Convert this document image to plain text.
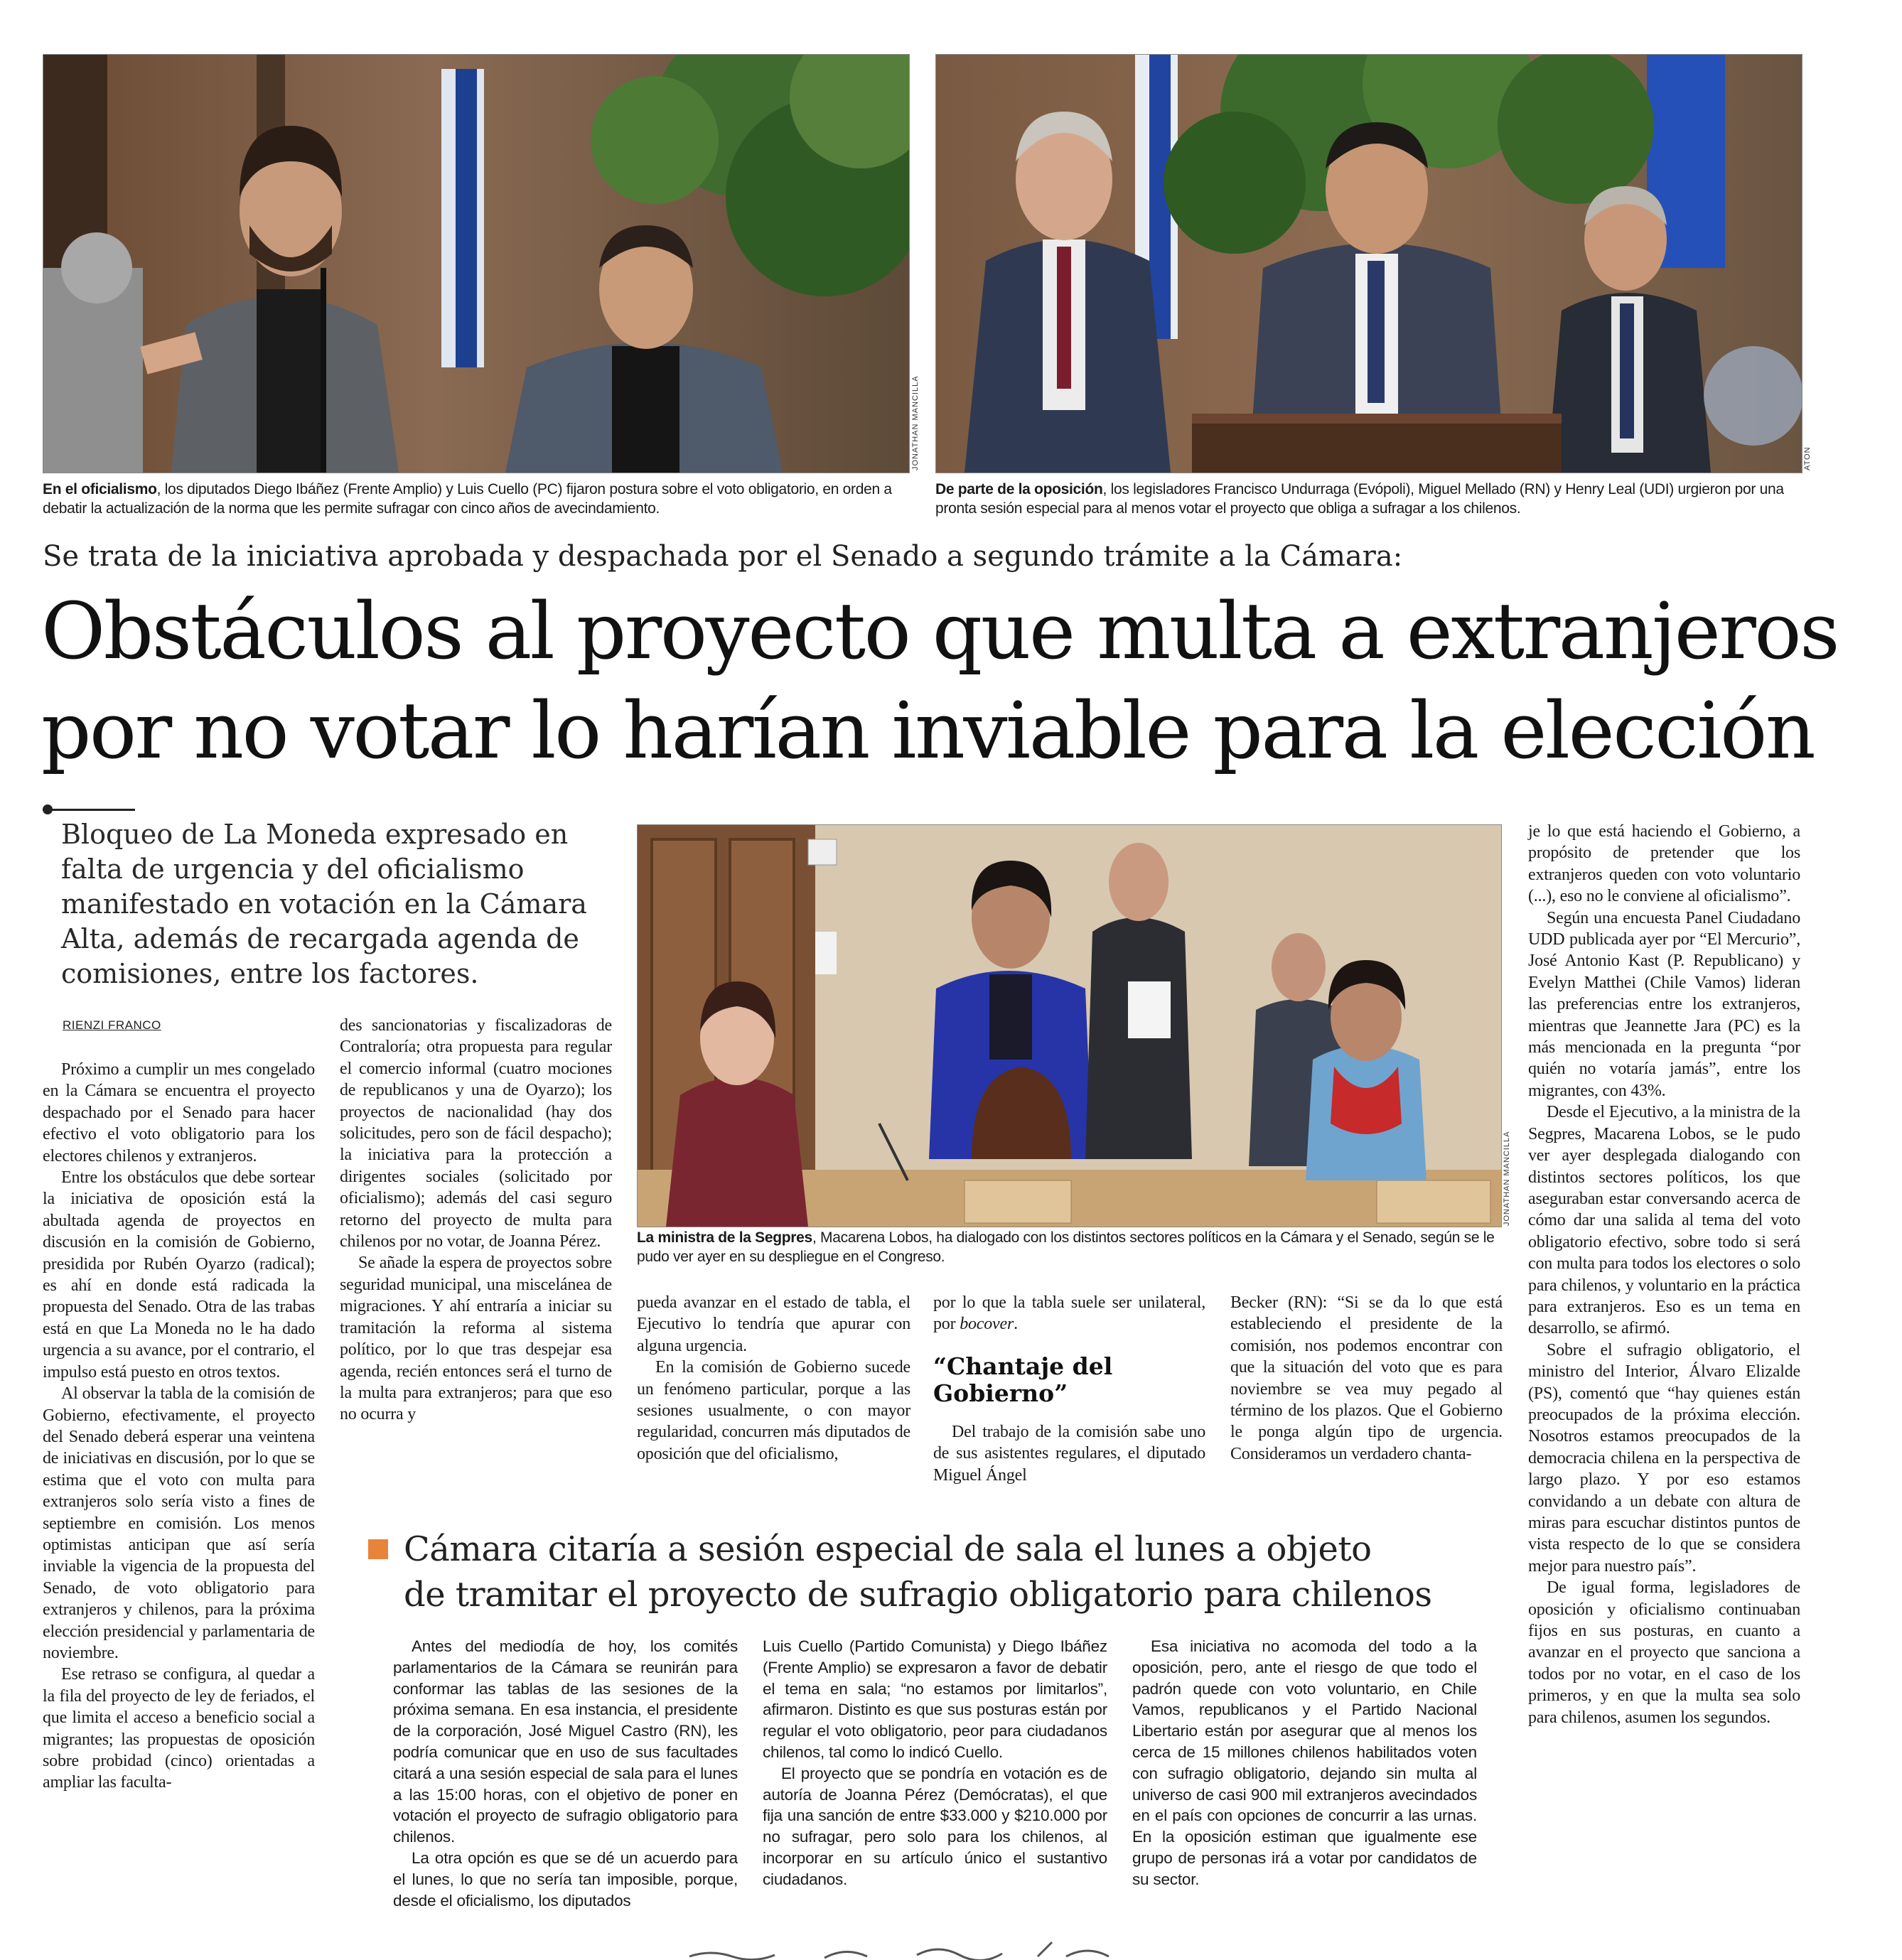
JONATHAN MANCILLA	ATON
En el oficialismo, los diputados Diego Ibáñez (Frente Amplio) y Luis Cuello (PC) fijaron postura sobre el voto obligatorio, en orden a debatir la actualización de la norma que les permite sufragar con cinco años de avecindamiento.
De parte de la oposición, los legisladores Francisco Undurraga (Evópoli), Miguel Mellado (RN) y Henry Leal (UDI) urgieron por una pronta sesión especial para al menos votar el proyecto que obliga a sufragar a los chilenos.
Se trata de la iniciativa aprobada y despachada por el Senado a segundo trámite a la Cámara:
Obstáculos al proyecto que multa a extranjeros
por no votar lo harían inviable para la elección
Bloqueo de La Moneda expresado en falta de urgencia y del oficialismo manifestado en votación en la Cámara Alta, además de recargada agenda de comisiones, entre los factores.
RIENZI FRANCO

Próximo a cumplir un mes congelado en la Cámara se encuentra el proyecto despachado por el Senado para hacer efectivo el voto obligatorio para los electores chilenos y extranjeros.

Entre los obstáculos que debe sortear la iniciativa de oposición está la abultada agenda de proyectos en discusión en la comisión de Gobierno, presidida por Rubén Oyarzo (radical); es ahí en donde está radicada la propuesta del Senado. Otra de las trabas está en que La Moneda no le ha dado urgencia a su avance, por el contrario, el impulso está puesto en otros textos.

Al observar la tabla de la comisión de Gobierno, efectivamente, el proyecto del Senado deberá esperar una veintena de iniciativas en discusión, por lo que se estima que el voto con multa para extranjeros solo sería visto a fines de septiembre en comisión. Los menos optimistas anticipan que así sería inviable la vigencia de la propuesta del Senado, de voto obligatorio para extranjeros y chilenos, para la próxima elección presidencial y parlamentaria de noviembre.

Ese retraso se configura, al quedar a la fila del proyecto de ley de feriados, el que limita el acceso a beneficio social a migrantes; las propuestas de oposición sobre probidad (cinco) orientadas a ampliar las faculta-

des sancionatorias y fiscalizadoras de Contraloría; otra propuesta para regular el comercio informal (cuatro mociones de republicanos y una de Oyarzo); los proyectos de nacionalidad (hay dos solicitudes, pero son de fácil despacho); la iniciativa para la protección a dirigentes sociales (solicitado por oficialismo); además del casi seguro retorno del proyecto de multa para chilenos por no votar, de Joanna Pérez.

Se añade la espera de proyectos sobre seguridad municipal, una miscelánea de migraciones. Y ahí entraría a iniciar su tramitación la reforma al sistema político, por lo que tras despejar esa agenda, recién entonces será el turno de la multa para extranjeros; para que eso no ocurra y

JONATHAN MANCILLA
La ministra de la Segpres, Macarena Lobos, ha dialogado con los distintos sectores políticos en la Cámara y el Senado, según se le pudo ver ayer en su despliegue en el Congreso.

pueda avanzar en el estado de tabla, el Ejecutivo lo tendría que apurar con alguna urgencia.

En la comisión de Gobierno sucede un fenómeno particular, porque a las sesiones usualmente, o con mayor regularidad, concurren más diputados de oposición que del oficialismo,

por lo que la tabla suele ser unilateral, por bocover.

“Chantaje del Gobierno”

Del trabajo de la comisión sabe uno de sus asistentes regulares, el diputado Miguel Ángel

Becker (RN): “Si se da lo que está estableciendo el presidente de la comisión, nos podemos encontrar con que la situación del voto que es para noviembre se vea muy pegado al término de los plazos. Que el Gobierno le ponga algún tipo de urgencia. Consideramos un verdadero chanta-

je lo que está haciendo el Gobierno, a propósito de pretender que los extranjeros queden con voto voluntario (...), eso no le conviene al oficialismo”.

Según una encuesta Panel Ciudadano UDD publicada ayer por “El Mercurio”, José Antonio Kast (P. Republicano) y Evelyn Matthei (Chile Vamos) lideran las preferencias entre los extranjeros, mientras que Jeannette Jara (PC) es la más mencionada en la pregunta “por quién no votaría jamás”, entre los migrantes, con 43%.

Desde el Ejecutivo, a la ministra de la Segpres, Macarena Lobos, se le pudo ver ayer desplegada dialogando con distintos sectores políticos, los que aseguraban estar conversando acerca de cómo dar una salida al tema del voto obligatorio efectivo, sobre todo si será con multa para todos los electores o solo para chilenos, y voluntario en la práctica para extranjeros. Eso es un tema en desarrollo, se afirmó.

Sobre el sufragio obligatorio, el ministro del Interior, Álvaro Elizalde (PS), comentó que “hay quienes están preocupados de la próxima elección. Nosotros estamos preocupados de la democracia chilena en la perspectiva de largo plazo. Y por eso estamos convidando a un debate con altura de miras para escuchar distintos puntos de vista respecto de lo que se considera mejor para nuestro país”.

De igual forma, legisladores de oposición y oficialismo continuaban fijos en sus posturas, en cuanto a avanzar en el proyecto que sanciona a todos por no votar, en el caso de los primeros, y en que la multa sea solo para chilenos, asumen los segundos.

Cámara citaría a sesión especial de sala el lunes a objeto
de tramitar el proyecto de sufragio obligatorio para chilenos

Antes del mediodía de hoy, los comités parlamentarios de la Cámara se reunirán para conformar las tablas de las sesiones de la próxima semana. En esa instancia, el presidente de la corporación, José Miguel Castro (RN), les podría comunicar que en uso de sus facultades citará a una sesión especial de sala para el lunes a las 15:00 horas, con el objetivo de poner en votación el proyecto de sufragio obligatorio para chilenos.

La otra opción es que se dé un acuerdo para el lunes, lo que no sería tan imposible, porque, desde el oficialismo, los diputados

Luis Cuello (Partido Comunista) y Diego Ibáñez (Frente Amplio) se expresaron a favor de debatir el tema en sala; “no estamos por limitarlos”, afirmaron. Distinto es que sus posturas están por regular el voto obligatorio, peor para ciudadanos chilenos, tal como lo indicó Cuello.

El proyecto que se pondría en votación es de autoría de Joanna Pérez (Demócratas), el que fija una sanción de entre $33.000 y $210.000 por no sufragar, pero solo para los chilenos, al incorporar en su artículo único el sustantivo ciudadanos.

Esa iniciativa no acomoda del todo a la oposición, pero, ante el riesgo de que todo el padrón quede con voto voluntario, en Chile Vamos, republicanos y el Partido Nacional Libertario están por asegurar que al menos los cerca de 15 millones chilenos habilitados voten con sufragio obligatorio, dejando sin multa al universo de casi 900 mil extranjeros avecindados en el país con opciones de concurrir a las urnas. En la oposición estiman que igualmente ese grupo de personas irá a votar por candidatos de su sector.
